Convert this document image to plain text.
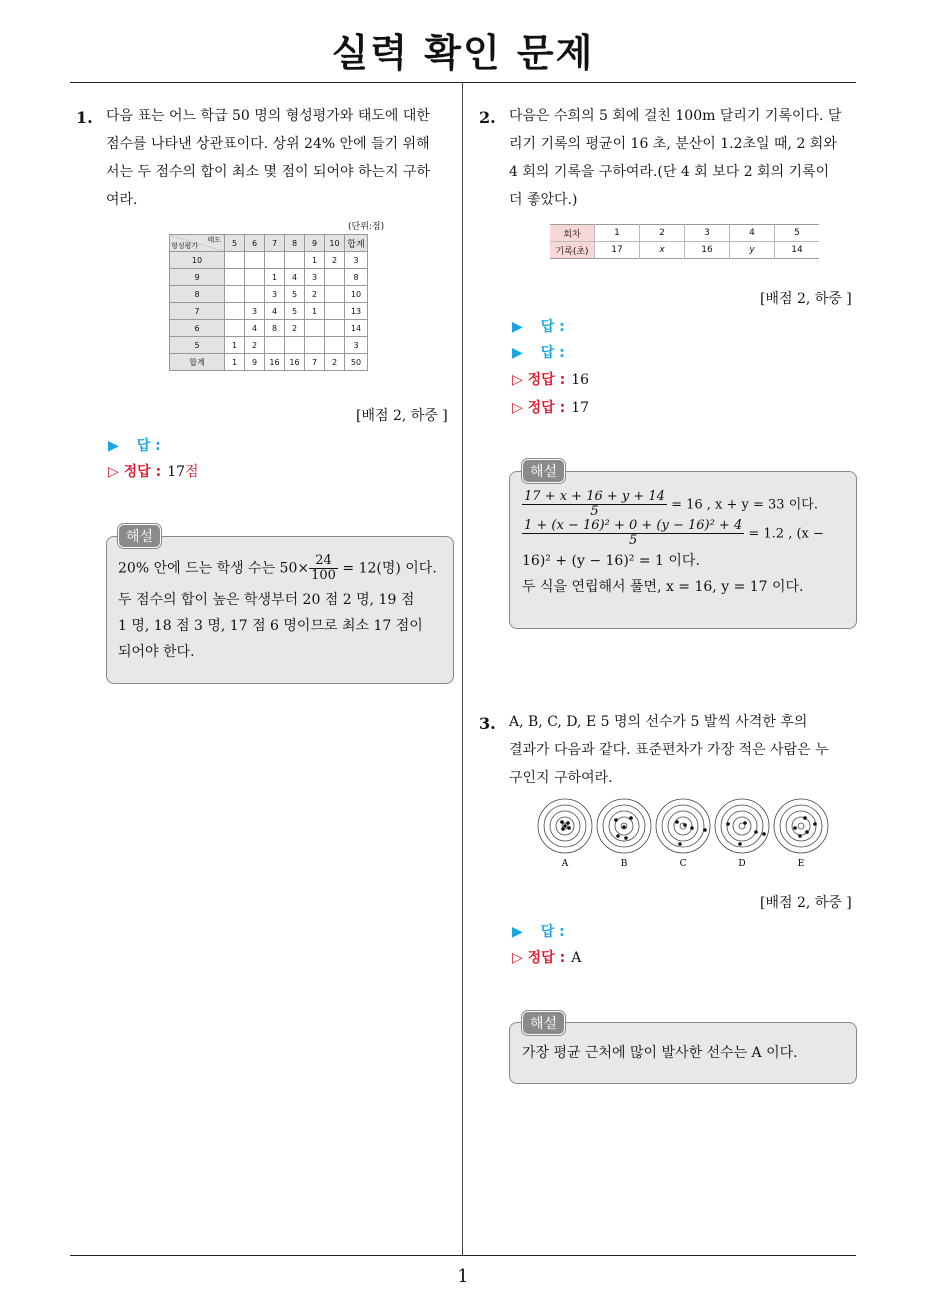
실력 확인 문제
1
1. 다음 표는 어느 학급 50 명의 형성평가와 태도에 대한
점수를 나타낸 상관표이다. 상위 24% 안에 들기 위해
서는 두 점수의 합이 최소 몇 점이 되어야 하는지 구하
여라.
(단위:점)
태도
형성평가	5	6	7	8	9	10	합계
10					1	2	3
9			1	4	3		8
8			3	5	2		10
7		3	4	5	1		13
6		4	8	2			14
5	1	2					3
합계	1	9	16	16	7	2	50
[배점 2, 하중 ]
▶ 답 :
▷ 정답 : 17점
해설
20% 안에 드는 학생 수는 $50\times \frac{24}{100} = 12$(명) 이다.
두 점수의 합이 높은 학생부터 20 점 2 명, 19 점
1 명, 18 점 3 명, 17 점 6 명이므로 최소 17 점이
되어야 한다.
2. 다음은 수희의 5 회에 걸친 100m 달리기 기록이다. 달
리기 기록의 평균이 16 초, 분산이 1.2초일 때, 2 회와
4 회의 기록을 구하여라.(단 4 회 보다 2 회의 기록이
더 좋았다.)
회차	1	2	3	4	5
기록(초)	17	x	16	y	14
[배점 2, 하중 ]
▶ 답 :
▶ 답 :
▷ 정답 : 16
▷ 정답 : 17
해설
$\frac{17 + x + 16 + y + 14}{5} = 16$ , x + y = 33 이다.
$\frac{\text{1 + (x − 16)² + 0 + (y − 16)² + 4}}{5} = 1.2$ , (x −
16)² + (y − 16)² = 1 이다.
두 식을 연립해서 풀면, x = 16, y = 17 이다.
3. A, B, C, D, E 5 명의 선수가 5 발씩 사격한 후의
결과가 다음과 같다. 표준편차가 가장 적은 사람은 누
구인지 구하여라.
A	B	C	D	E
[배점 2, 하중 ]
▶ 답 :
▷ 정답 : A
해설
가장 평균 근처에 많이 발사한 선수는 A 이다.
